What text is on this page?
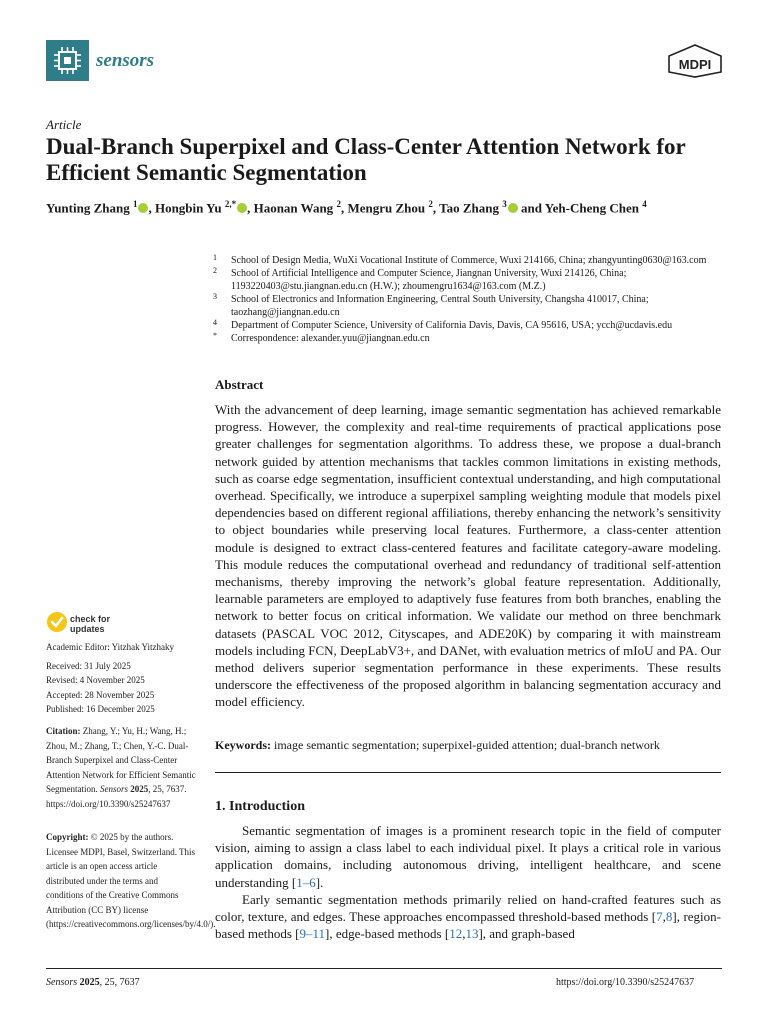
sensors	MDPI
Article
Dual-Branch Superpixel and Class-Center Attention Network for Efficient Semantic Segmentation
Yunting Zhang $^1$ , Hongbin Yu $^{2,*}$ , Haonan Wang $^2$, Mengru Zhou $^2$, Tao Zhang $^3$ and Yeh-Cheng Chen $^4$
1 School of Design Media, WuXi Vocational Institute of Commerce, Wuxi 214166, China; zhangyunting0630@163.com
2 School of Artificial Intelligence and Computer Science, Jiangnan University, Wuxi 214126, China; 1193220403@stu.jiangnan.edu.cn (H.W.); zhoumengru1634@163.com (M.Z.)
3 School of Electronics and Information Engineering, Central South University, Changsha 410017, China; taozhang@jiangnan.edu.cn
4 Department of Computer Science, University of California Davis, Davis, CA 95616, USA; ycch@ucdavis.edu
* Correspondence: alexander.yuu@jiangnan.edu.cn
Abstract
With the advancement of deep learning, image semantic segmentation has achieved remarkable progress. However, the complexity and real-time requirements of practical applications pose greater challenges for segmentation algorithms. To address these, we propose a dual-branch network guided by attention mechanisms that tackles common limitations in existing methods, such as coarse edge segmentation, insufficient contextual understanding, and high computational overhead. Specifically, we introduce a superpixel sampling weighting module that models pixel dependencies based on different regional affiliations, thereby enhancing the network’s sensitivity to object boundaries while preserving local features. Furthermore, a class-center attention module is designed to extract class-centered features and facilitate category-aware modeling. This module reduces the computational overhead and redundancy of traditional self-attention mechanisms, thereby improving the network’s global feature representation. Additionally, learnable parameters are employed to adaptively fuse features from both branches, enabling the network to better focus on critical information. We validate our method on three benchmark datasets (PASCAL VOC 2012, Cityscapes, and ADE20K) by comparing it with mainstream models including FCN, DeepLabV3+, and DANet, with evaluation metrics of mIoU and PA. Our method delivers superior segmentation performance in these experiments. These results underscore the effectiveness of the proposed algorithm in balancing segmentation accuracy and model efficiency.
Keywords: image semantic segmentation; superpixel-guided attention; dual-branch network
1. Introduction

Semantic segmentation of images is a prominent research topic in the field of computer vision, aiming to assign a class label to each individual pixel. It plays a critical role in various application domains, including autonomous driving, intelligent healthcare, and scene understanding [1–6].

Early semantic segmentation methods primarily relied on hand-crafted features such as color, texture, and edges. These approaches encompassed threshold-based methods [7,8], region-based methods [9–11], edge-based methods [12,13], and graph-based

check for
updates
Academic Editor: Yitzhak Yitzhaky
Received: 31 July 2025
Revised: 4 November 2025
Accepted: 28 November 2025
Published: 16 December 2025
Citation: Zhang, Y.; Yu, H.; Wang, H.; Zhou, M.; Zhang, T.; Chen, Y.-C. Dual-Branch Superpixel and Class-Center Attention Network for Efficient Semantic Segmentation. Sensors 2025, 25, 7637. https://doi.org/10.3390/s25247637
Copyright: © 2025 by the authors. Licensee MDPI, Basel, Switzerland. This article is an open access article distributed under the terms and conditions of the Creative Commons Attribution (CC BY) license (https://creativecommons.org/licenses/by/4.0/).
Sensors 2025, 25, 7637	https://doi.org/10.3390/s25247637
